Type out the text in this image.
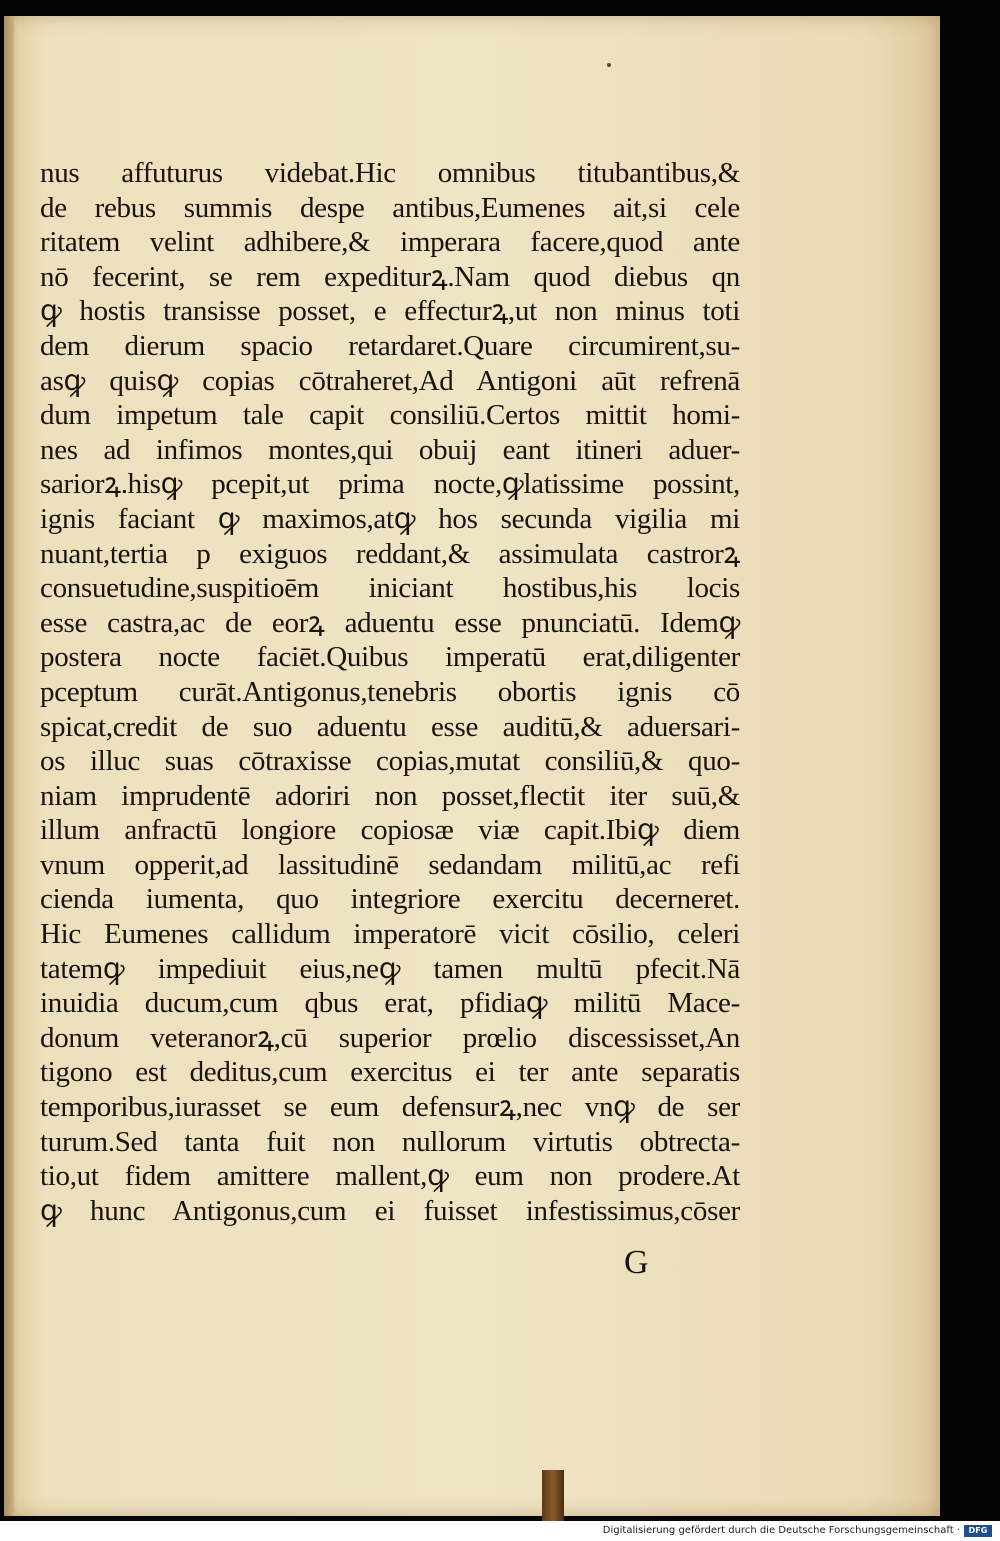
nus affuturus videbat.Hic omnibus titubantibus,&
de rebus summis despe antibus,Eumenes ait,si cele
ritatem velint adhibere,& imperara facere,quod ante
nō fecerint, se rem expediturꝝ.Nam quod diebus qn
ꝙ hostis transisse posset, e effecturꝝ,ut non minus toti
dem dierum spacio retardaret.Quare circumirent,su-
asꝙ quisꝙ copias cōtraheret,Ad Antigoni aūt refrenā
dum impetum tale capit consiliū.Certos mittit homi-
nes ad infimos montes,qui obuij eant itineri aduer-
sariorꝝ.hisꝙ pcepit,ut prima nocte,ꝙlatissime possint,
ignis faciant ꝙ maximos,atꝙ hos secunda vigilia mi
nuant,tertia p exiguos reddant,& assimulata castrorꝝ
consuetudine,suspitioēm iniciant hostibus,his locis
esse castra,ac de eorꝝ aduentu esse pnunciatū. Idemꝙ
postera nocte faciēt.Quibus imperatū erat,diligenter
pceptum curāt.Antigonus,tenebris obortis ignis cō
spicat,credit de suo aduentu esse auditū,& aduersari-
os illuc suas cōtraxisse copias,mutat consiliū,& quo-
niam imprudentē adoriri non posset,flectit iter suū,&
illum anfractū longiore copiosæ viæ capit.Ibiꝙ diem
vnum opperit,ad lassitudinē sedandam militū,ac refi
cienda iumenta, quo integriore exercitu decerneret.
Hic Eumenes callidum imperatorē vicit cōsilio, celeri
tatemꝙ impediuit eius,neꝙ tamen multū pfecit.Nā
inuidia ducum,cum qbus erat, pfidiaꝙ militū Mace-
donum veteranorꝝ,cū superior prœlio discessisset,An
tigono est deditus,cum exercitus ei ter ante separatis
temporibus,iurasset se eum defensurꝝ,nec vnꝙ de ser
turum.Sed tanta fuit non nullorum virtutis obtrecta-
tio,ut fidem amittere mallent,ꝙ eum non prodere.At
ꝙ hunc Antigonus,cum ei fuisset infestissimus,cōser
G
Digitalisierung gefördert durch die Deutsche Forschungsgemeinschaft ·	DFG
